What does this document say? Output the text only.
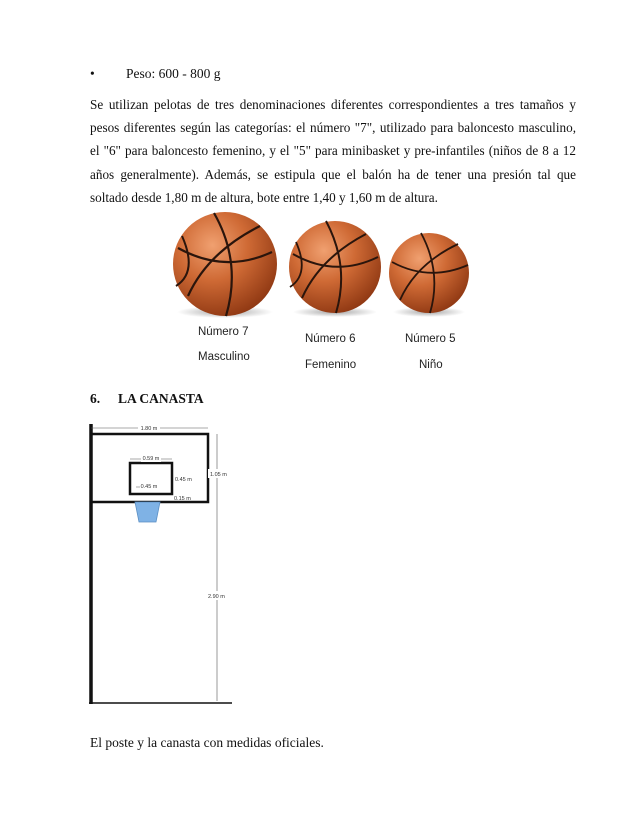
• Peso: 600 - 800 g
Se utilizan pelotas de tres denominaciones diferentes correspondientes a tres tamaños y pesos diferentes según las categorías: el número "7", utilizado para baloncesto masculino, el "6" para baloncesto femenino, y el "5" para minibasket y pre-infantiles (niños de 8 a 12 años generalmente). Además, se estipula que el balón ha de tener una presión tal que soltado desde 1,80 m de altura, bote entre 1,40 y 1,60 m de altura.
Número 7
Masculino
Número 6
Femenino
Número 5
Niño
6. LA CANASTA
1.80 m
0.59 m
0.45 m
0.45 m
0.15 m
1.05 m
2.90 m
El poste y la canasta con medidas oficiales.
